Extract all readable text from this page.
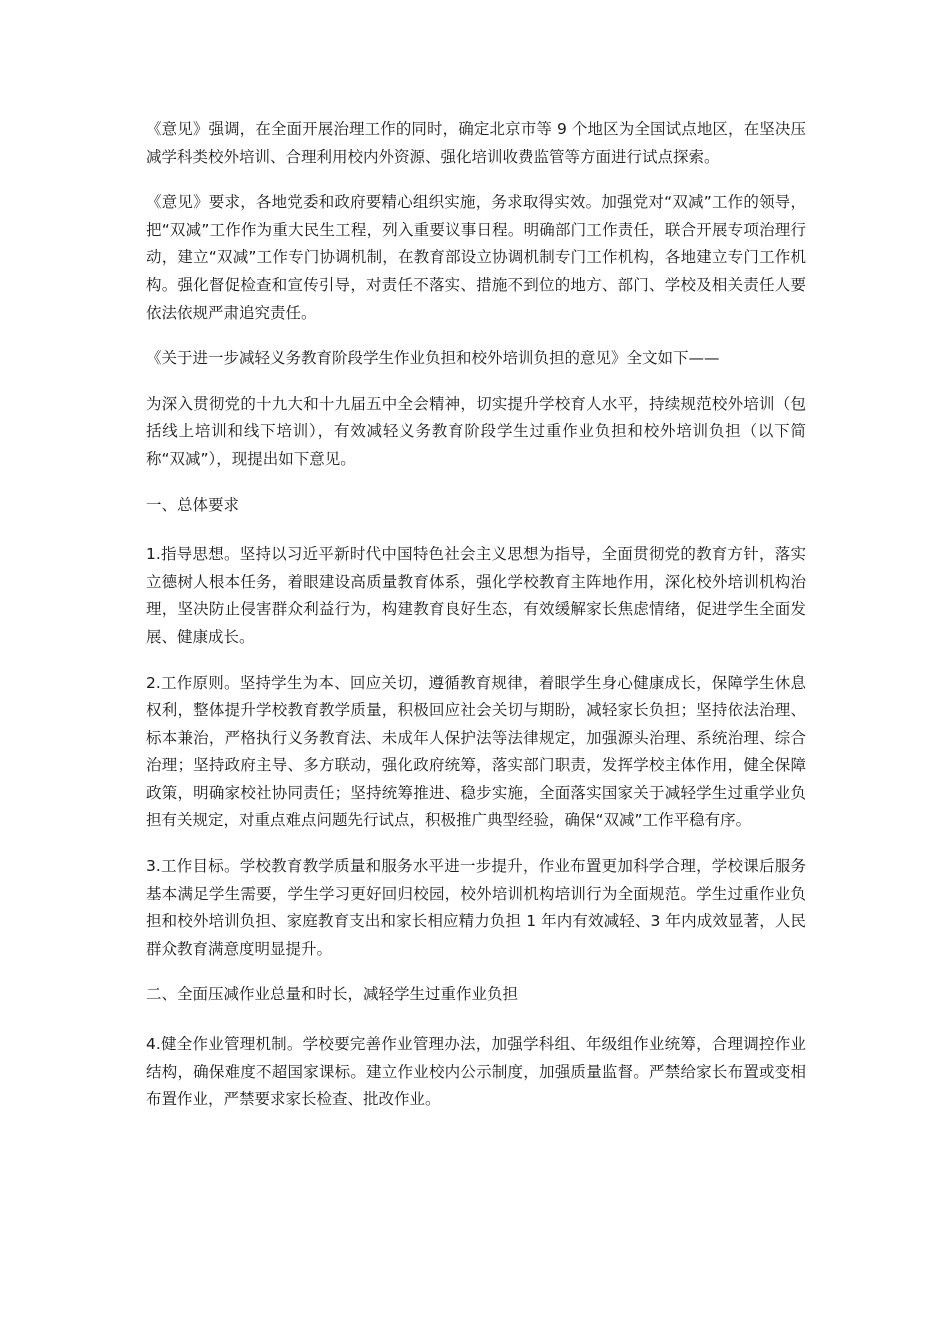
《意见》强调，在全面开展治理工作的同时，确定北京市等 9 个地区为全国试点地区，在坚决压减学科类校外培训、合理利用校内外资源、强化培训收费监管等方面进行试点探索。

《意见》要求，各地党委和政府要精心组织实施，务求取得实效。加强党对“双减”工作的领导，把“双减”工作作为重大民生工程，列入重要议事日程。明确部门工作责任，联合开展专项治理行动，建立“双减”工作专门协调机制，在教育部设立协调机制专门工作机构，各地建立专门工作机构。强化督促检查和宣传引导，对责任不落实、措施不到位的地方、部门、学校及相关责任人要依法依规严肃追究责任。

《关于进一步减轻义务教育阶段学生作业负担和校外培训负担的意见》全文如下——

为深入贯彻党的十九大和十九届五中全会精神，切实提升学校育人水平，持续规范校外培训（包括线上培训和线下培训），有效减轻义务教育阶段学生过重作业负担和校外培训负担（以下简称“双减”），现提出如下意见。

一、总体要求

1.指导思想。坚持以习近平新时代中国特色社会主义思想为指导，全面贯彻党的教育方针，落实立德树人根本任务，着眼建设高质量教育体系，强化学校教育主阵地作用，深化校外培训机构治理，坚决防止侵害群众利益行为，构建教育良好生态，有效缓解家长焦虑情绪，促进学生全面发展、健康成长。

2.工作原则。坚持学生为本、回应关切，遵循教育规律，着眼学生身心健康成长，保障学生休息权利，整体提升学校教育教学质量，积极回应社会关切与期盼，减轻家长负担；坚持依法治理、标本兼治，严格执行义务教育法、未成年人保护法等法律规定，加强源头治理、系统治理、综合治理；坚持政府主导、多方联动，强化政府统筹，落实部门职责，发挥学校主体作用，健全保障政策，明确家校社协同责任；坚持统筹推进、稳步实施，全面落实国家关于减轻学生过重学业负担有关规定，对重点难点问题先行试点，积极推广典型经验，确保“双减”工作平稳有序。

3.工作目标。学校教育教学质量和服务水平进一步提升，作业布置更加科学合理，学校课后服务基本满足学生需要，学生学习更好回归校园，校外培训机构培训行为全面规范。学生过重作业负担和校外培训负担、家庭教育支出和家长相应精力负担 1 年内有效减轻、3 年内成效显著，人民群众教育满意度明显提升。

二、全面压减作业总量和时长，减轻学生过重作业负担

4.健全作业管理机制。学校要完善作业管理办法，加强学科组、年级组作业统筹，合理调控作业结构，确保难度不超国家课标。建立作业校内公示制度，加强质量监督。严禁给家长布置或变相布置作业，严禁要求家长检查、批改作业。
